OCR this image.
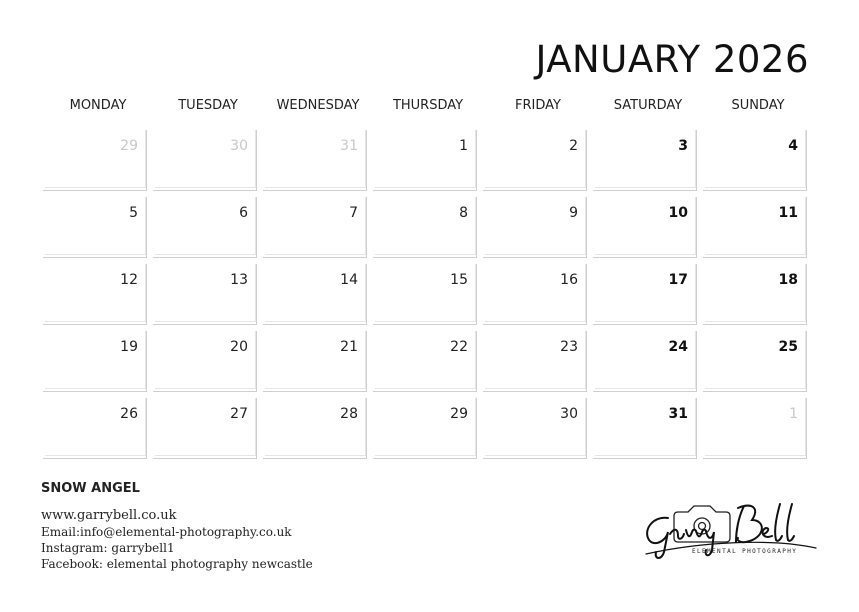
JANUARY 2026
MONDAY	TUESDAY	WEDNESDAY	THURSDAY	FRIDAY	SATURDAY	SUNDAY
29	30	31	1	2	3	4
5	6	7	8	9	10	11
12	13	14	15	16	17	18
19	20	21	22	23	24	25
26	27	28	29	30	31	1
SNOW ANGEL
www.garrybell.co.uk
Email:info@elemental-photography.co.uk
Instagram: garrybell1
Facebook: elemental photography newcastle
ELEMENTAL PHOTOGRAPHY
